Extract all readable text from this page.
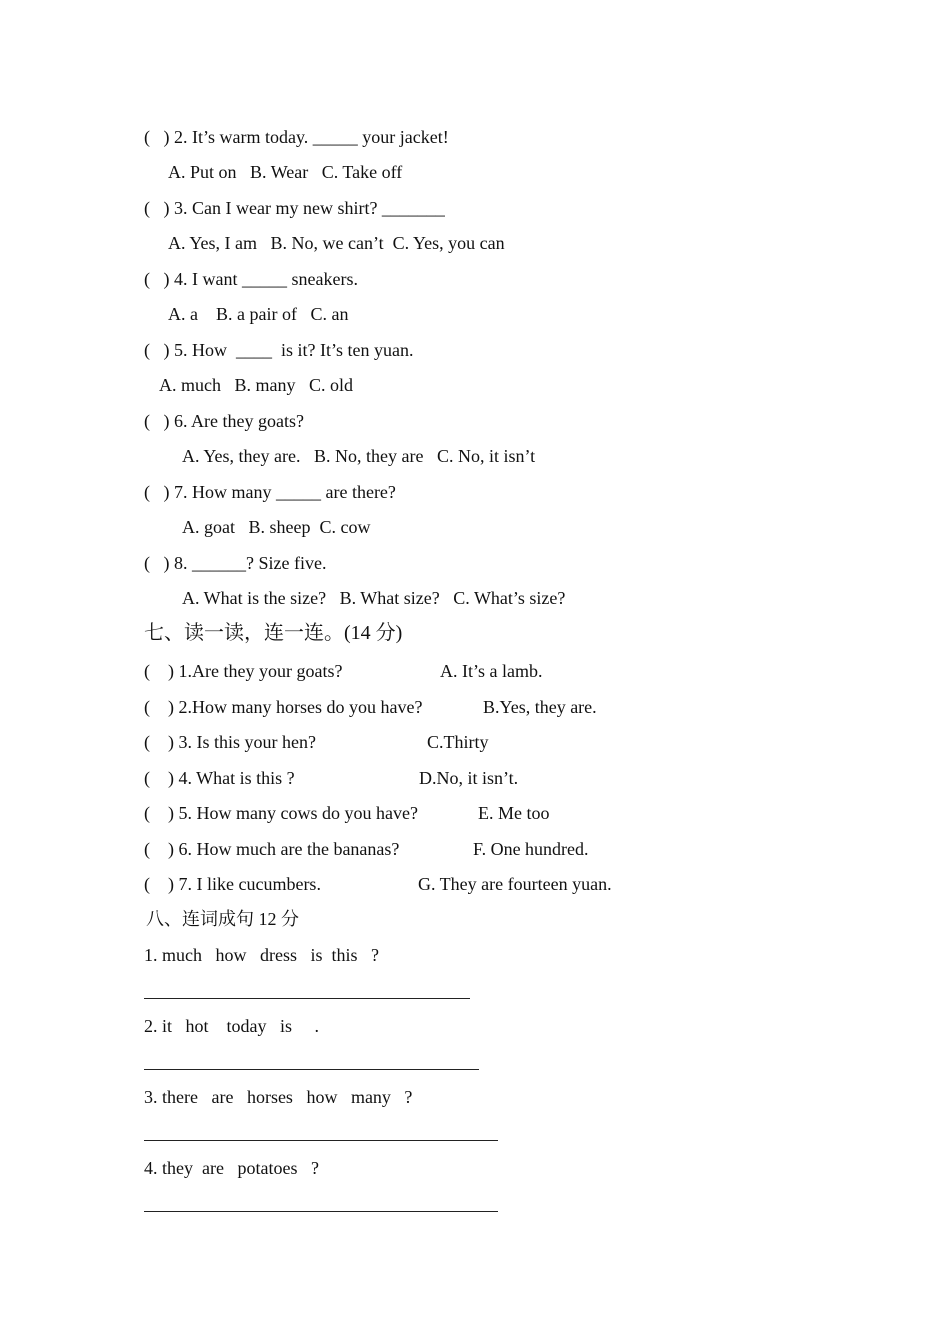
(   ) 2. It’s warm today. _____ your jacket!
A. Put on   B. Wear   C. Take off
(   ) 3. Can I wear my new shirt? _______
A. Yes, I am   B. No, we can’t  C. Yes, you can
(   ) 4. I want _____ sneakers.
A. a    B. a pair of   C. an
(   ) 5. How  ____  is it? It’s ten yuan.
A. much   B. many   C. old
(   ) 6. Are they goats?
A. Yes, they are.   B. No, they are   C. No, it isn’t
(   ) 7. How many _____ are there?
A. goat   B. sheep  C. cow
(   ) 8. ______? Size five.
A. What is the size?   B. What size?   C. What’s size?
七、读一读，连一连。(14 分)
(    ) 1.Are they your goats?	A. It’s a lamb.
(    ) 2.How many horses do you have?	B.Yes, they are.
(    ) 3. Is this your hen?	C.Thirty
(    ) 4. What is this ?	D.No, it isn’t.
(    ) 5. How many cows do you have?	E. Me too
(    ) 6. How much are the bananas?	F. One hundred.
(    ) 7. I like cucumbers.	G. They are fourteen yuan.
八、连词成句 12 分
1. much   how   dress   is  this   ?
2. it   hot    today   is     .
3. there   are   horses   how   many   ?
4. they  are   potatoes   ?
